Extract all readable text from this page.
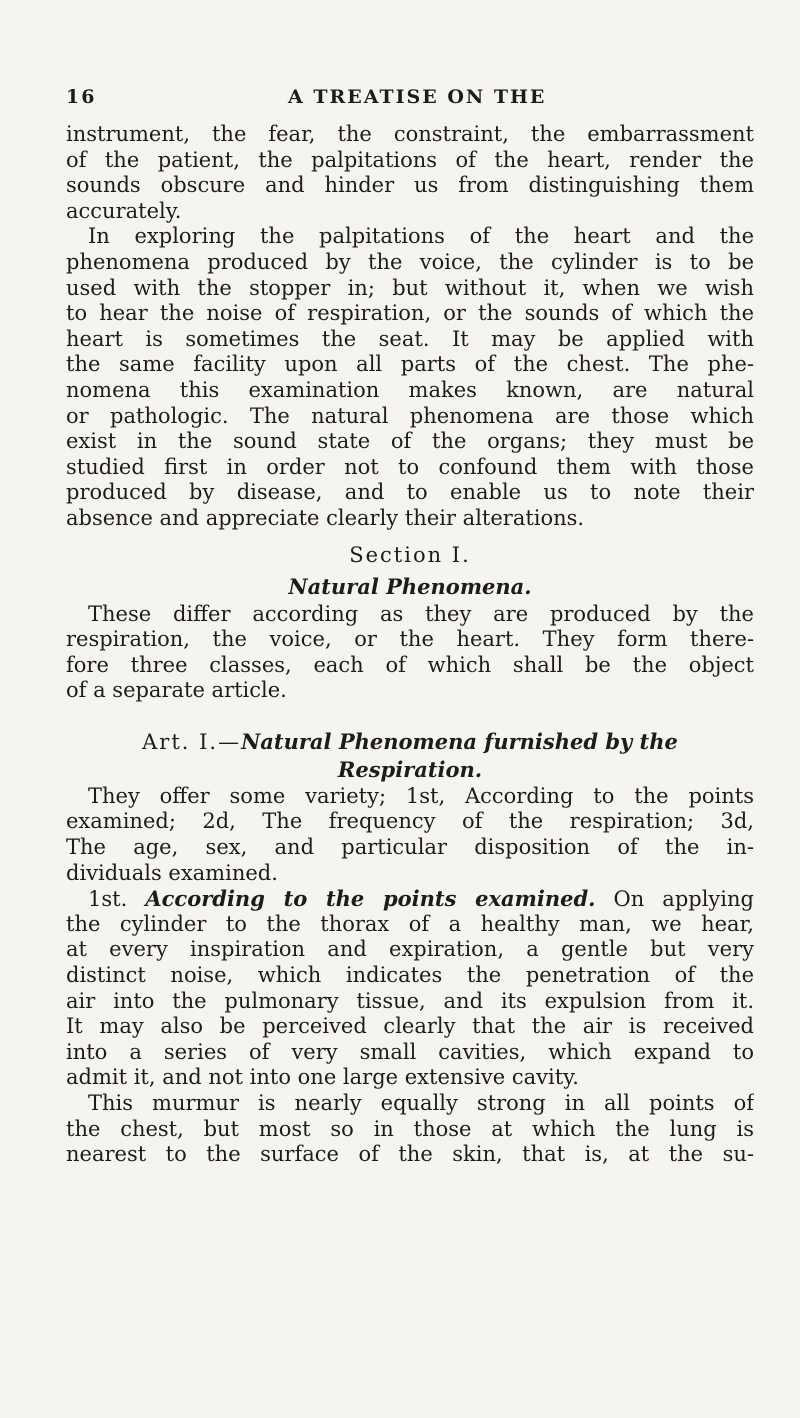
16	A TREATISE ON THE
instrument, the fear, the constraint, the embarrassment
of the patient, the palpitations of the heart, render the
sounds obscure and hinder us from distinguishing them
accurately.
In exploring the palpitations of the heart and the
phenomena produced by the voice, the cylinder is to be
used with the stopper in; but without it, when we wish
to hear the noise of respiration, or the sounds of which the
heart is sometimes the seat. It may be applied with
the same facility upon all parts of the chest. The phe-
nomena this examination makes known, are natural
or pathologic. The natural phenomena are those which
exist in the sound state of the organs; they must be
studied first in order not to confound them with those
produced by disease, and to enable us to note their
absence and appreciate clearly their alterations.
Section I.
Natural Phenomena.
These differ according as they are produced by the
respiration, the voice, or the heart. They form there-
fore three classes, each of which shall be the object
of a separate article.
Art. I.—Natural Phenomena furnished by the
Respiration.
They offer some variety; 1st, According to the points
examined; 2d, The frequency of the respiration; 3d,
The age, sex, and particular disposition of the in-
dividuals examined.
1st. According to the points examined. On applying
the cylinder to the thorax of a healthy man, we hear,
at every inspiration and expiration, a gentle but very
distinct noise, which indicates the penetration of the
air into the pulmonary tissue, and its expulsion from it.
It may also be perceived clearly that the air is received
into a series of very small cavities, which expand to
admit it, and not into one large extensive cavity.
This murmur is nearly equally strong in all points of
the chest, but most so in those at which the lung is
nearest to the surface of the skin, that is, at the su-
